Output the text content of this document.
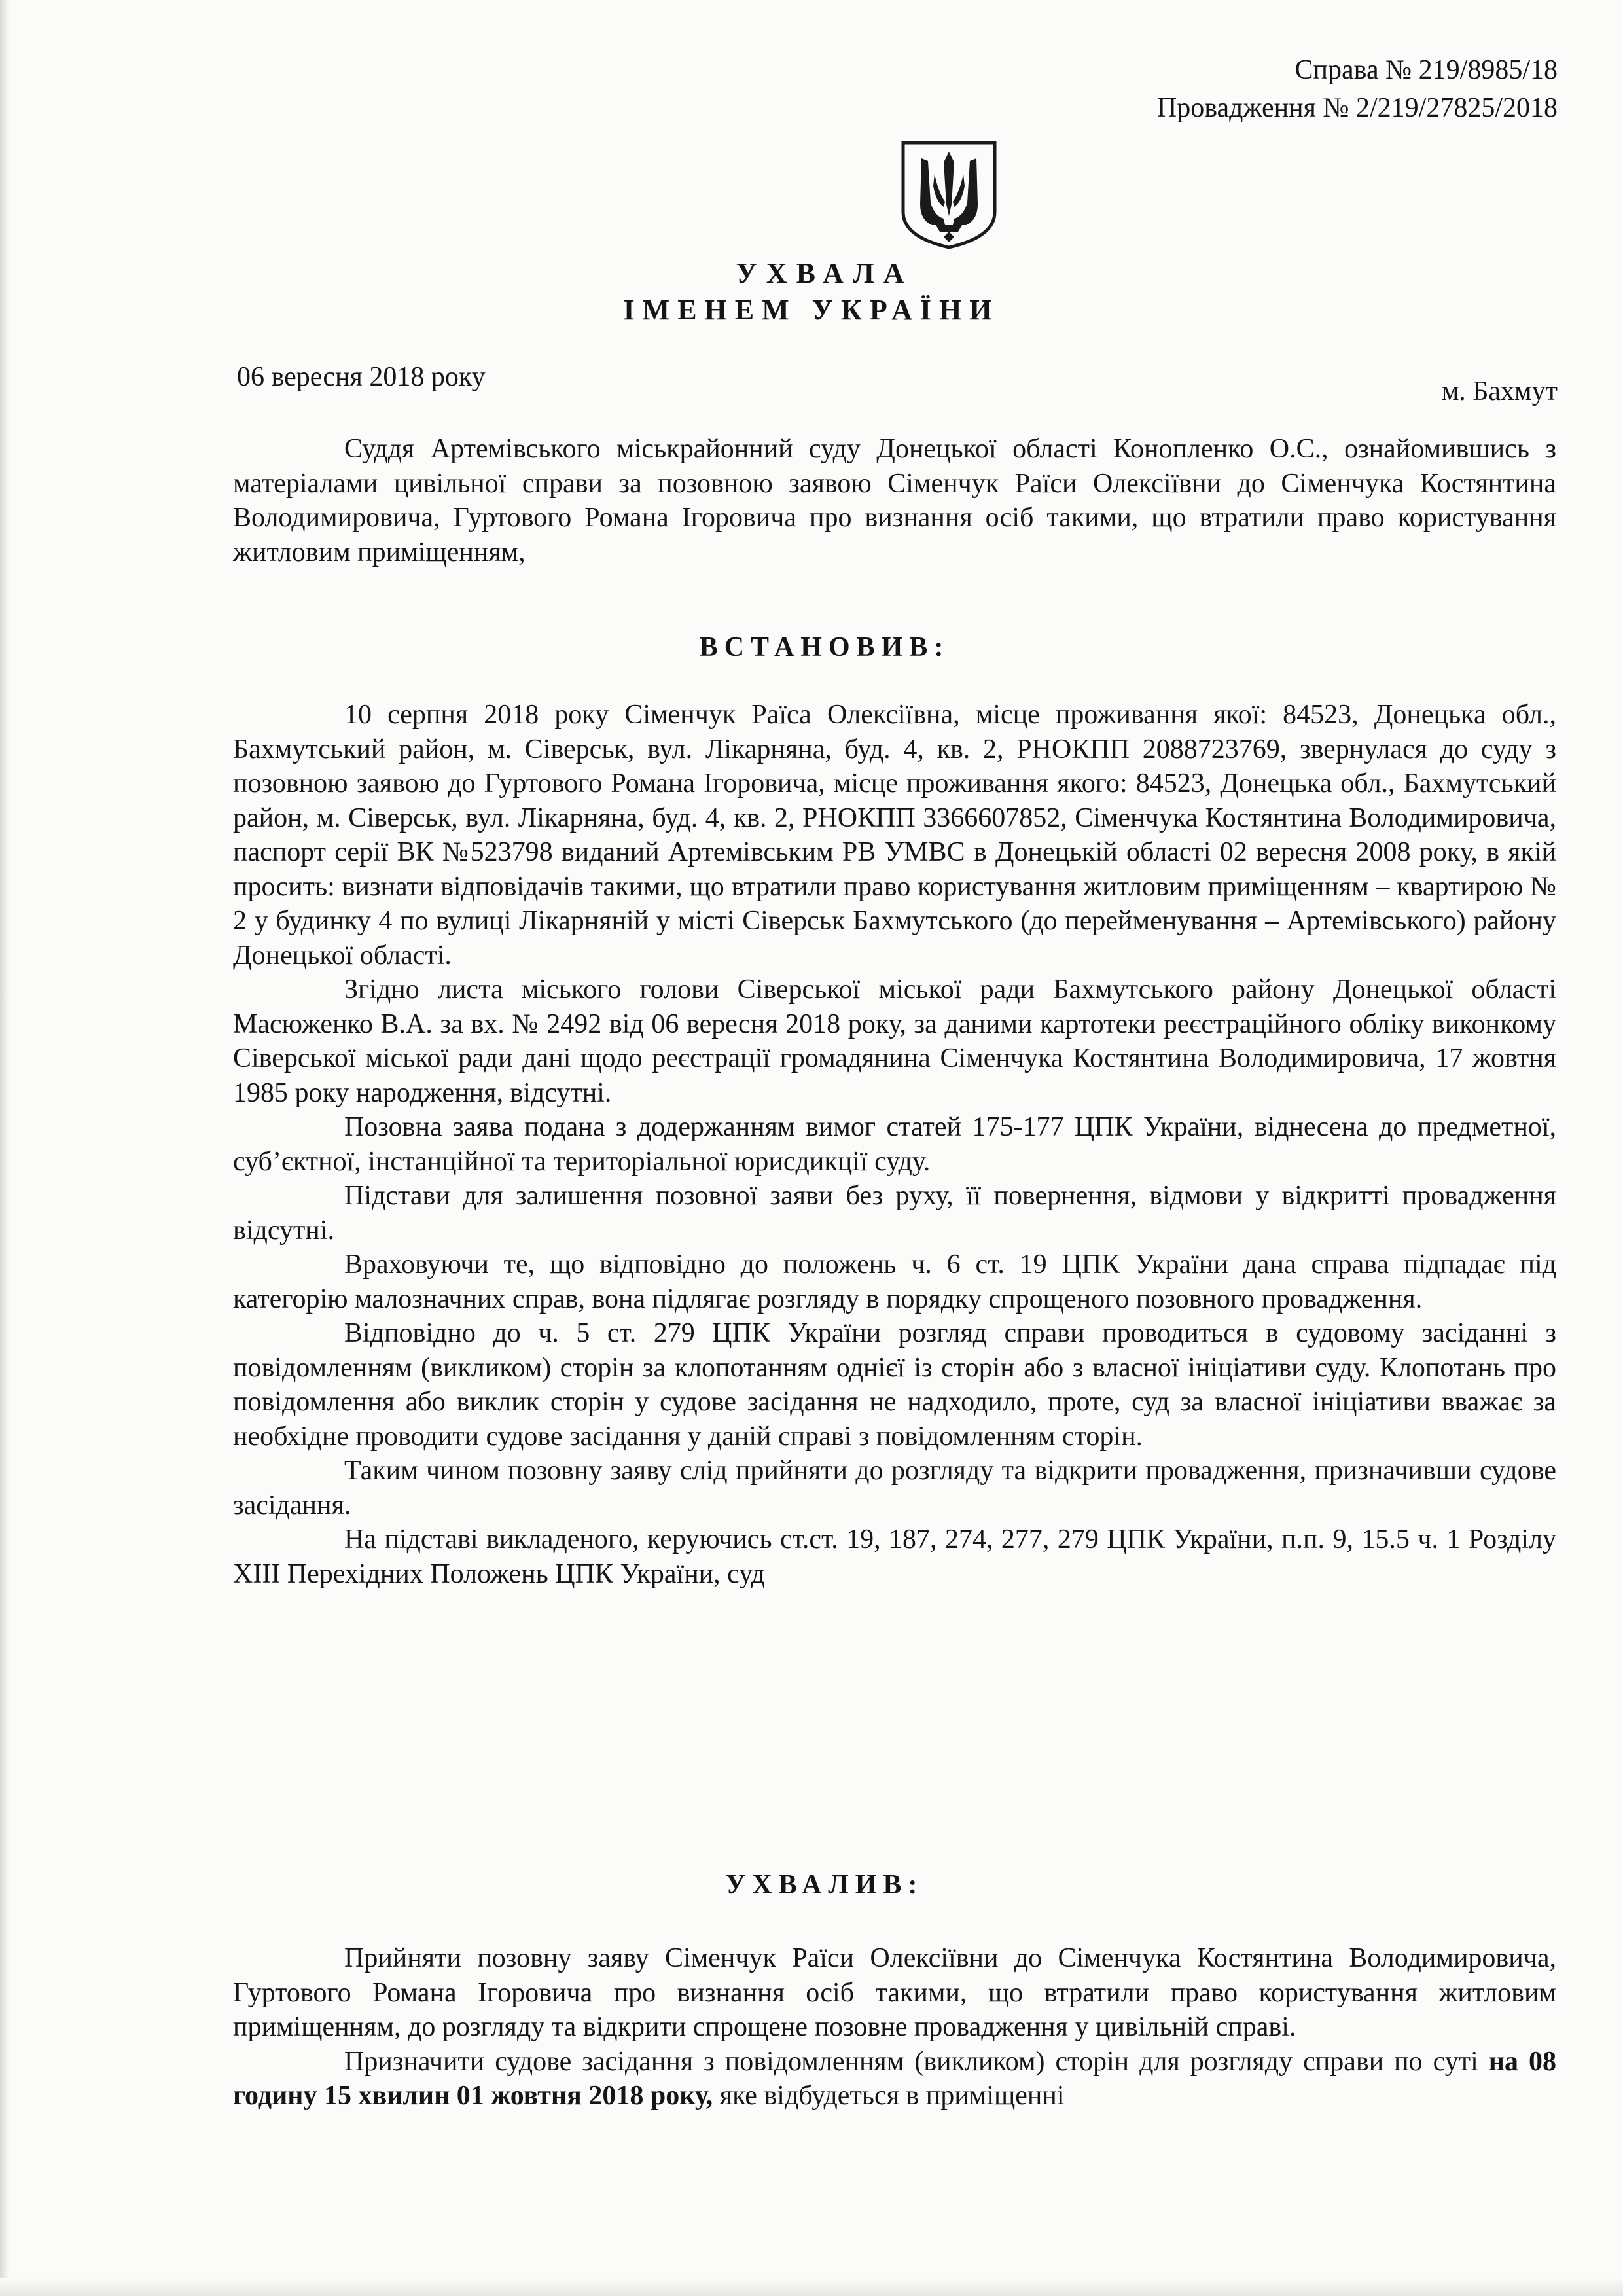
Справа № 219/8985/18
Провадження № 2/219/27825/2018
УХВАЛА
ІМЕНЕМ УКРАЇНИ
06 вересня 2018 року	м. Бахмут

Суддя Артемівського міськрайонний суду Донецької області Конопленко О.С., ознайомившись з матеріалами цивільної справи за позовною заявою Сіменчук Раїси Олексіївни до Сіменчука Костянтина Володимировича, Гуртового Романа Ігоровича про визнання осіб такими, що втратили право користування житловим приміщенням,

ВСТАНОВИВ:

10 серпня 2018 року Сіменчук Раїса Олексіївна, місце проживання якої: 84523, Донецька обл., Бахмутський район, м. Сіверськ, вул. Лікарняна, буд. 4, кв. 2, РНОКПП 2088723769, звернулася до суду з позовною заявою до Гуртового Романа Ігоровича, місце проживання якого: 84523, Донецька обл., Бахмутський район, м. Сіверськ, вул. Лікарняна, буд. 4, кв. 2, РНОКПП 3366607852, Сіменчука Костянтина Володимировича, паспорт серії ВК №523798 виданий Артемівським РВ УМВС в Донецькій області 02 вересня 2008 року, в якій просить: визнати відповідачів такими, що втратили право користування житловим приміщенням – квартирою № 2 у будинку 4 по вулиці Лікарняній у місті Сіверськ Бахмутського (до перейменування – Артемівського) району Донецької області.

Згідно листа міського голови Сіверської міської ради Бахмутського району Донецької області Масюженко В.А. за вх. № 2492 від 06 вересня 2018 року, за даними картотеки реєстраційного обліку виконкому Сіверської міської ради дані щодо реєстрації громадянина Сіменчука Костянтина Володимировича, 17 жовтня 1985 року народження, відсутні.

Позовна заява подана з додержанням вимог статей 175-177 ЦПК України, віднесена до предметної, суб’єктної, інстанційної та територіальної юрисдикції суду.

Підстави для залишення позовної заяви без руху, її повернення, відмови у відкритті провадження відсутні.

Враховуючи те, що відповідно до положень ч. 6 ст. 19 ЦПК України дана справа підпадає під категорію малозначних справ, вона підлягає розгляду в порядку спрощеного позовного провадження.

Відповідно до ч. 5 ст. 279 ЦПК України розгляд справи проводиться в судовому засіданні з повідомленням (викликом) сторін за клопотанням однієї із сторін або з власної ініціативи суду. Клопотань про повідомлення або виклик сторін у судове засідання не надходило, проте, суд за власної ініціативи вважає за необхідне проводити судове засідання у даній справі з повідомленням сторін.

Таким чином позовну заяву слід прийняти до розгляду та відкрити провадження, призначивши судове засідання.

На підставі викладеного, керуючись ст.ст. 19, 187, 274, 277, 279 ЦПК України, п.п. 9, 15.5 ч. 1 Розділу XIII Перехідних Положень ЦПК України, суд

УХВАЛИВ:

Прийняти позовну заяву Сіменчук Раїси Олексіївни до Сіменчука Костянтина Володимировича, Гуртового Романа Ігоровича про визнання осіб такими, що втратили право користування житловим приміщенням, до розгляду та відкрити спрощене позовне провадження у цивільній справі.

Призначити судове засідання з повідомленням (викликом) сторін для розгляду справи по суті на 08 годину 15 хвилин 01 жовтня 2018 року, яке відбудеться в приміщенні
